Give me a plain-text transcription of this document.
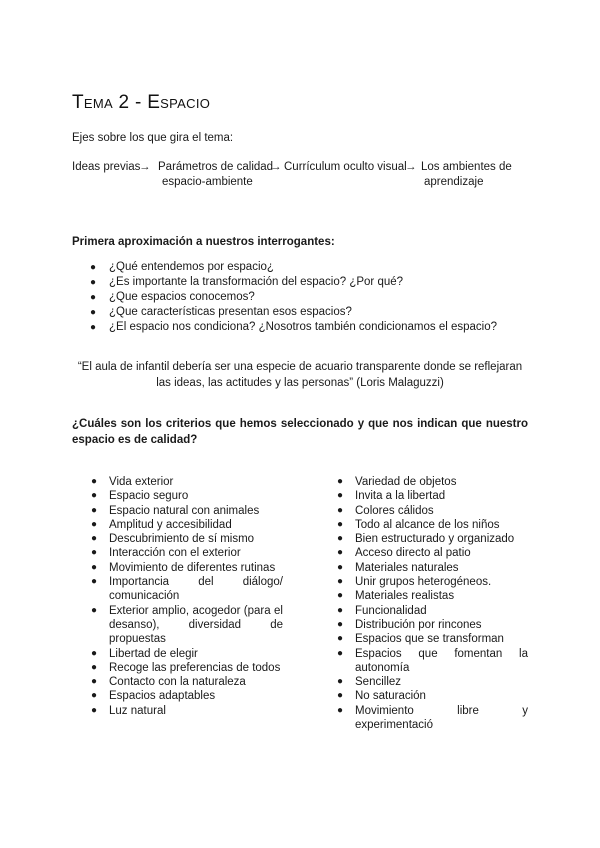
Tema 2 - Espacio
Ejes sobre los que gira el tema:
Ideas previas
→ Parámetros de calidad
espacio-ambiente
→ Currículum oculto visual
→ Los ambientes de
aprendizaje
Primera aproximación a nuestros interrogantes:
● ¿Qué entendemos por espacio¿
● ¿Es importante la transformación del espacio? ¿Por qué?
● ¿Que espacios conocemos?
● ¿Que características presentan esos espacios?
● ¿El espacio nos condiciona? ¿Nosotros también condicionamos el espacio?
“El aula de infantil debería ser una especie de acuario transparente donde se reflejaran las ideas, las actitudes y las personas” (Loris Malaguzzi)
¿Cuáles son los criterios que hemos seleccionado y que nos indican que nuestro espacio es de calidad?
● Vida exterior
● Espacio seguro
● Espacio natural con animales
● Amplitud y accesibilidad
● Descubrimiento de sí mismo
● Interacción con el exterior
● Movimiento de diferentes rutinas
● Importancia del diálogo/ comunicación
● Exterior amplio, acogedor (para el desanso), diversidad de propuestas
● Libertad de elegir
● Recoge las preferencias de todos
● Contacto con la naturaleza
● Espacios adaptables
● Luz natural
● Variedad de objetos
● Invita a la libertad
● Colores cálidos
● Todo al alcance de los niños
● Bien estructurado y organizado
● Acceso directo al patio
● Materiales naturales
● Unir grupos heterogéneos.
● Materiales realistas
● Funcionalidad
● Distribución por rincones
● Espacios que se transforman
● Espacios que fomentan la autonomía
● Sencillez
● No saturación
● Movimiento libre y experimentació
